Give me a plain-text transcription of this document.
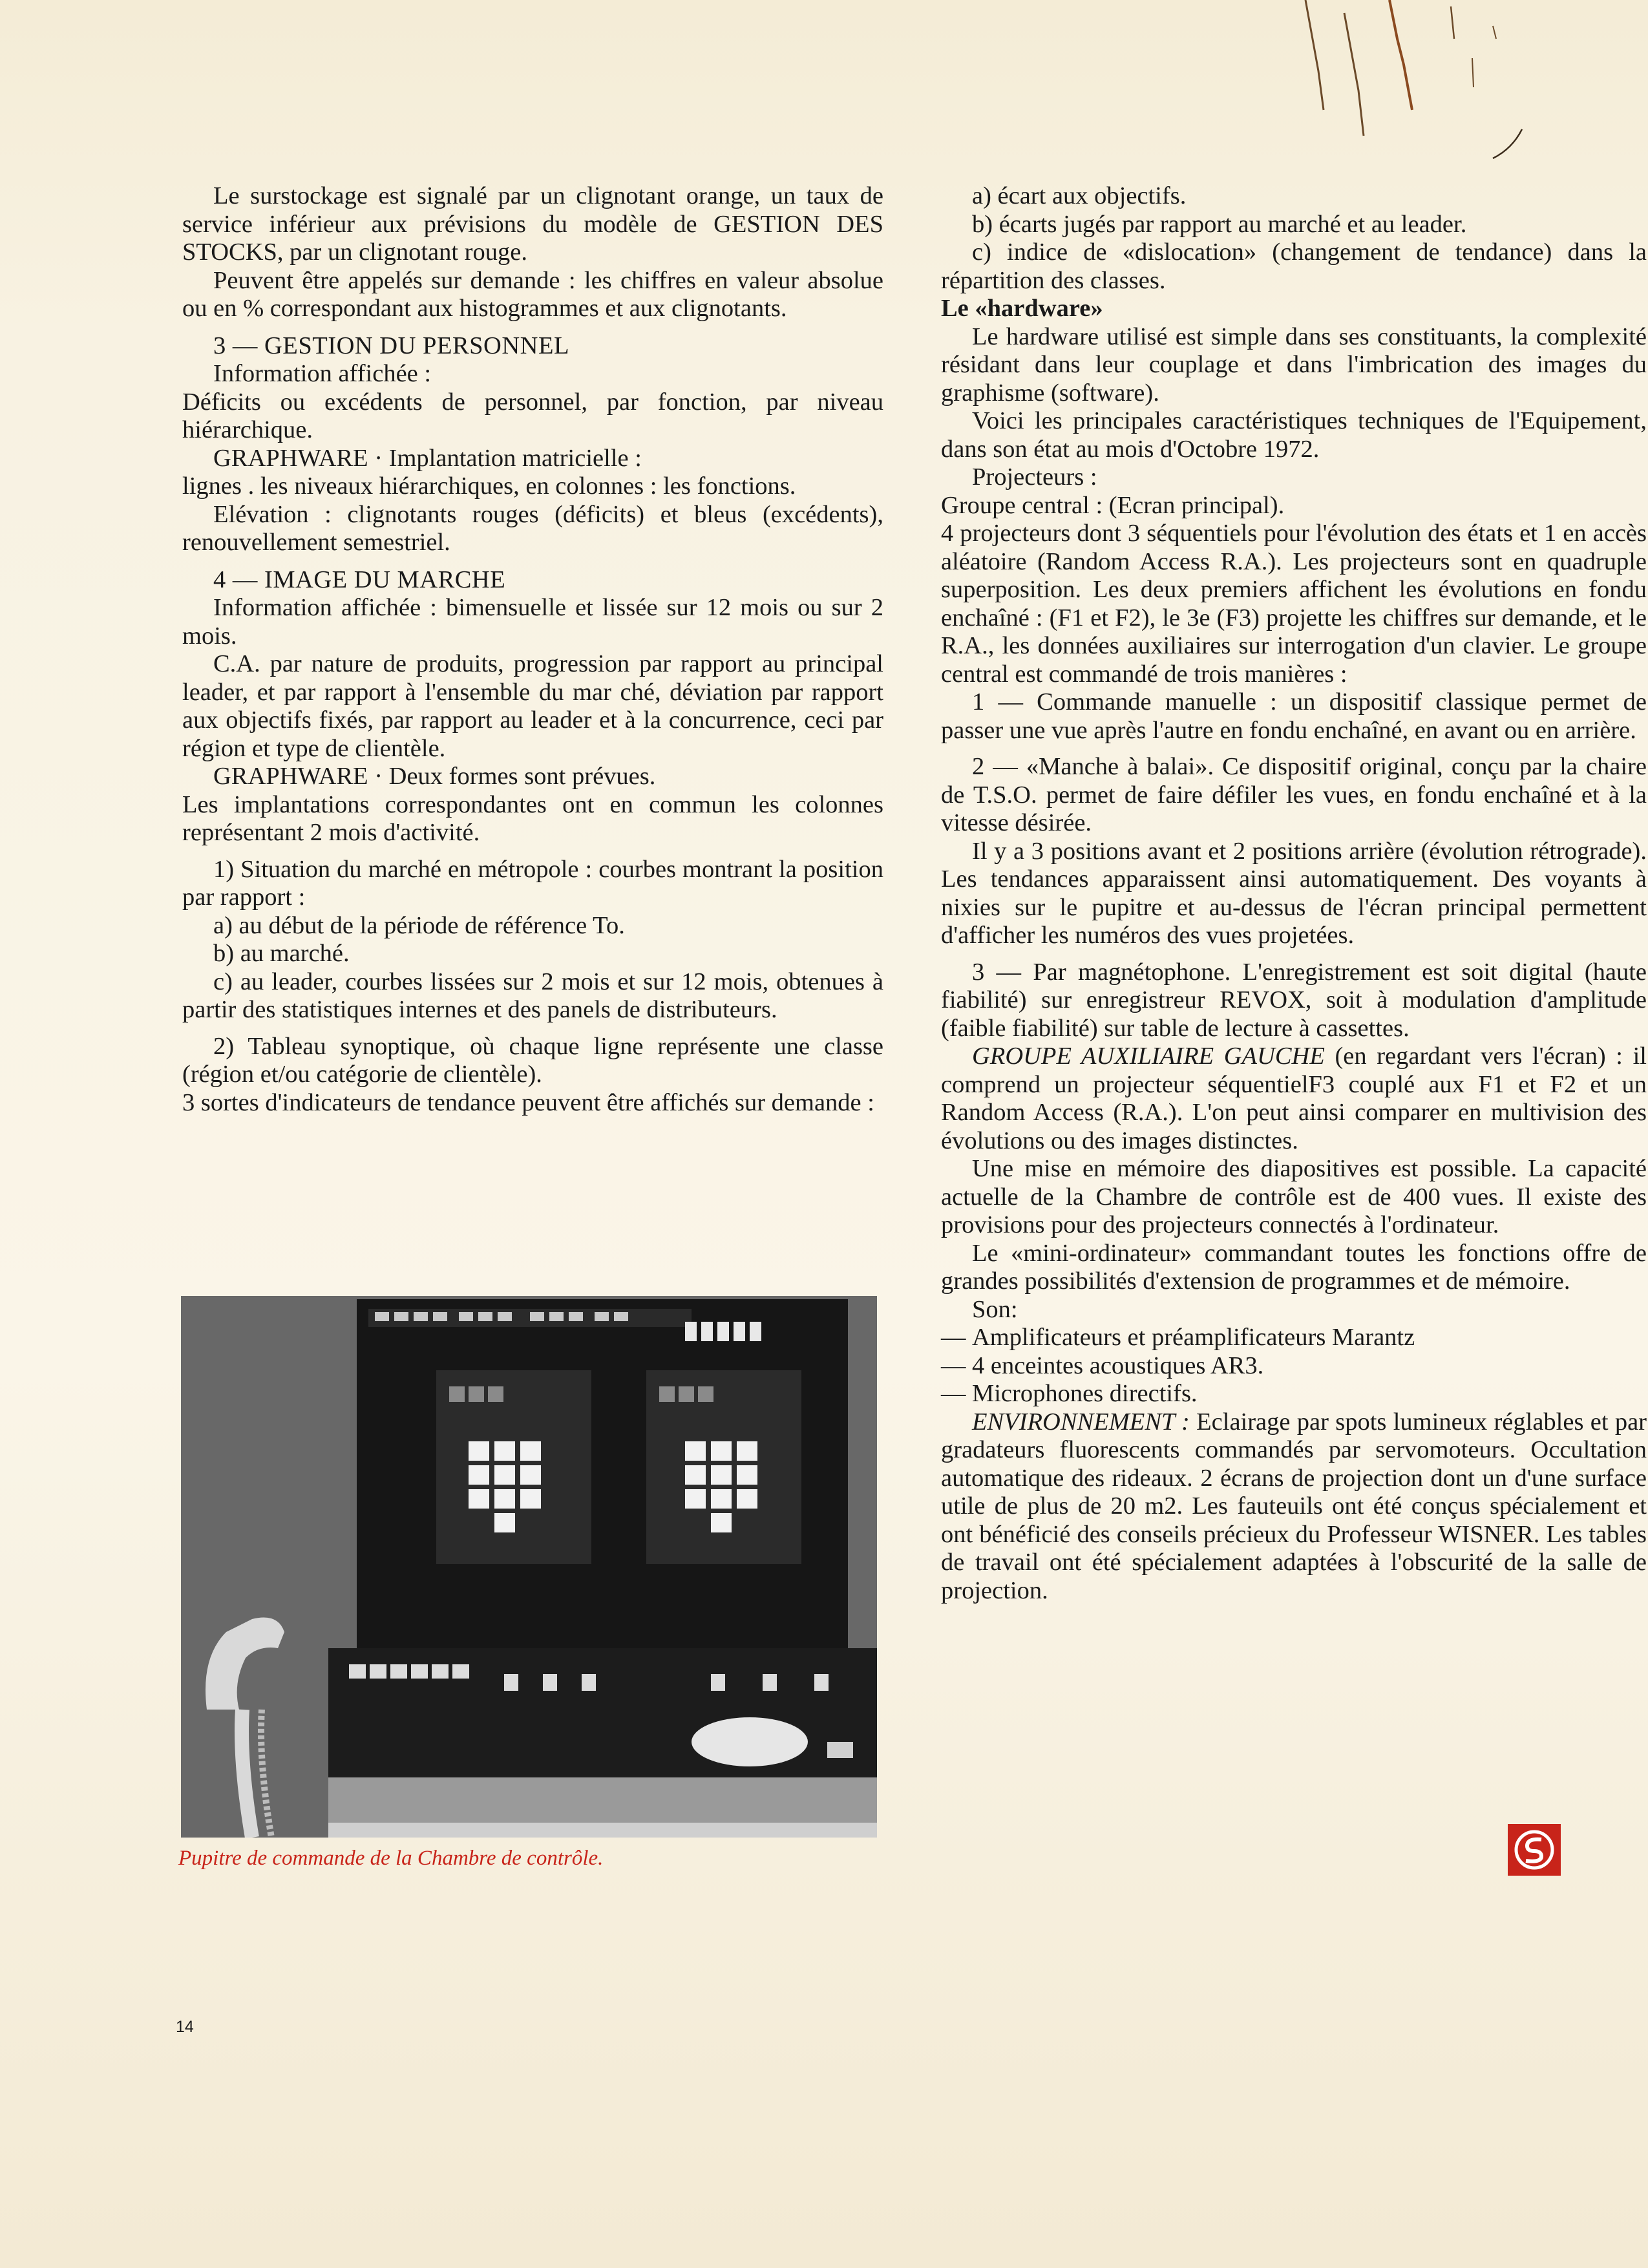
Le surstockage est signalé par un clignotant orange, un taux de service inférieur aux prévisions du modèle de GESTION DES STOCKS, par un clignotant rouge.

Peuvent être appelés sur demande : les chiffres en valeur absolue ou en % correspondant aux histogrammes et aux clignotants.

3 — GESTION DU PERSONNEL

Information affichée :

Déficits ou excédents de personnel, par fonction, par niveau hiérarchique.

GRAPHWARE · Implantation matricielle :

lignes . les niveaux hiérarchiques, en colonnes : les fonctions.

Elévation : clignotants rouges (déficits) et bleus (excédents), renouvellement semestriel.

4 — IMAGE DU MARCHE

Information affichée : bimensuelle et lissée sur 12 mois ou sur 2 mois.

C.A. par nature de produits, progression par rapport au principal leader, et par rapport à l'ensemble du mar ché, déviation par rapport aux objectifs fixés, par rapport au leader et à la concurrence, ceci par région et type de clientèle.

GRAPHWARE · Deux formes sont prévues.

Les implantations correspondantes ont en commun les colonnes représentant 2 mois d'activité.

1) Situation du marché en métropole : courbes montrant la position par rapport :

a) au début de la période de référence To.

b) au marché.

c) au leader, courbes lissées sur 2 mois et sur 12 mois, obtenues à partir des statistiques internes et des panels de distributeurs.

2) Tableau synoptique, où chaque ligne représente une classe (région et/ou catégorie de clientèle).

3 sortes d'indicateurs de tendance peuvent être affichés sur demande :

Pupitre de commande de la Chambre de contrôle.

a) écart aux objectifs.

b) écarts jugés par rapport au marché et au leader.

c) indice de «dislocation» (changement de tendance) dans la répartition des classes.

Le «hardware»

Le hardware utilisé est simple dans ses constituants, la complexité résidant dans leur couplage et dans l'imbrication des images du graphisme (software).

Voici les principales caractéristiques techniques de l'Equipement, dans son état au mois d'Octobre 1972.

Projecteurs :

Groupe central : (Ecran principal).

4 projecteurs dont 3 séquentiels pour l'évolution des états et 1 en accès aléatoire (Random Access R.A.). Les projecteurs sont en quadruple superposition. Les deux premiers affichent les évolutions en fondu enchaîné : (F1 et F2), le 3e (F3) projette les chiffres sur demande, et le R.A., les données auxiliaires sur interrogation d'un clavier. Le groupe central est commandé de trois manières :

1 — Commande manuelle : un dispositif classique permet de passer une vue après l'autre en fondu enchaîné, en avant ou en arrière.

2 — «Manche à balai». Ce dispositif original, conçu par la chaire de T.S.O. permet de faire défiler les vues, en fondu enchaîné et à la vitesse désirée.

Il y a 3 positions avant et 2 positions arrière (évolution rétrograde). Les tendances apparaissent ainsi automatiquement. Des voyants à nixies sur le pupitre et au-dessus de l'écran principal permettent d'afficher les numéros des vues projetées.

3 — Par magnétophone. L'enregistrement est soit digital (haute fiabilité) sur enregistreur REVOX, soit à modulation d'amplitude (faible fiabilité) sur table de lecture à cassettes.

GROUPE AUXILIAIRE GAUCHE (en regardant vers l'écran) : il comprend un projecteur séquentielF3 couplé aux F1 et F2 et un Random Access (R.A.). L'on peut ainsi comparer en multivision des évolutions ou des images distinctes.

Une mise en mémoire des diapositives est possible. La capacité actuelle de la Chambre de contrôle est de 400 vues. Il existe des provisions pour des projecteurs connectés à l'ordinateur.

Le «mini-ordinateur» commandant toutes les fonctions offre de grandes possibilités d'extension de programmes et de mémoire.

Son:

— Amplificateurs et préamplificateurs Marantz
— 4 enceintes acoustiques AR3.
— Microphones directifs.

ENVIRONNEMENT : Eclairage par spots lumineux réglables et par gradateurs fluorescents commandés par servomoteurs. Occultation automatique des rideaux. 2 écrans de projection dont un d'une surface utile de plus de 20 m2. Les fauteuils ont été conçus spécialement et ont bénéficié des conseils précieux du Professeur WISNER. Les tables de travail ont été spécialement adaptées à l'obscurité de la salle de projection.

14
